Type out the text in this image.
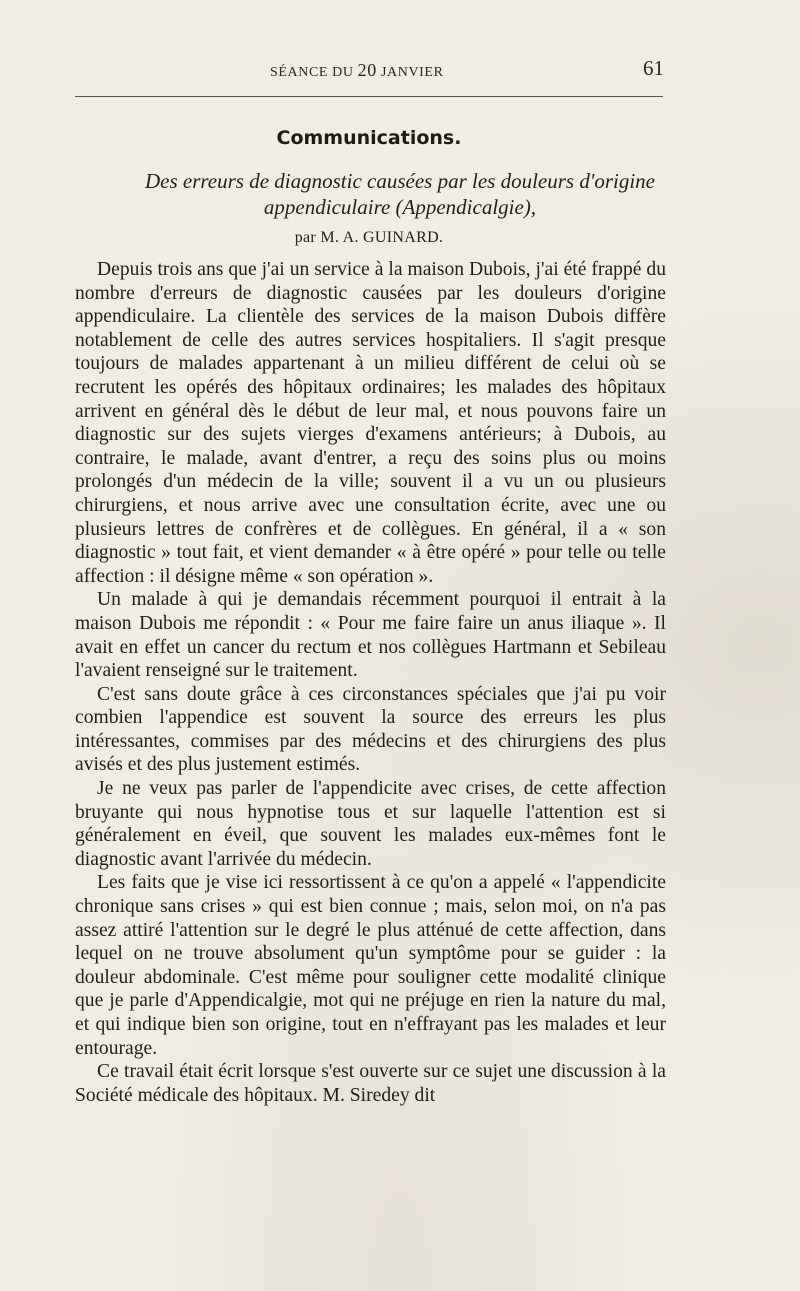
SÉANCE DU 20 JANVIER	61
Communications.
Des erreurs de diagnostic causées par les douleurs d'origine appendiculaire (Appendicalgie),
par M. A. GUINARD.

Depuis trois ans que j'ai un service à la maison Dubois, j'ai été frappé du nombre d'erreurs de diagnostic causées par les douleurs d'origine appendiculaire. La clientèle des services de la maison Dubois diffère notablement de celle des autres services hospitaliers. Il s'agit presque toujours de malades appartenant à un milieu différent de celui où se recrutent les opérés des hôpitaux ordinaires; les malades des hôpitaux arrivent en général dès le début de leur mal, et nous pouvons faire un diagnostic sur des sujets vierges d'examens antérieurs; à Dubois, au contraire, le malade, avant d'entrer, a reçu des soins plus ou moins prolongés d'un médecin de la ville; souvent il a vu un ou plusieurs chirurgiens, et nous arrive avec une consultation écrite, avec une ou plusieurs lettres de confrères et de collègues. En général, il a « son diagnostic » tout fait, et vient demander « à être opéré » pour telle ou telle affection : il désigne même « son opération ».

Un malade à qui je demandais récemment pourquoi il entrait à la maison Dubois me répondit : « Pour me faire faire un anus iliaque ». Il avait en effet un cancer du rectum et nos collègues Hartmann et Sebileau l'avaient renseigné sur le traitement.

C'est sans doute grâce à ces circonstances spéciales que j'ai pu voir combien l'appendice est souvent la source des erreurs les plus intéressantes, commises par des médecins et des chirurgiens des plus avisés et des plus justement estimés.

Je ne veux pas parler de l'appendicite avec crises, de cette affection bruyante qui nous hypnotise tous et sur laquelle l'attention est si généralement en éveil, que souvent les malades eux-mêmes font le diagnostic avant l'arrivée du médecin.

Les faits que je vise ici ressortissent à ce qu'on a appelé « l'appendicite chronique sans crises » qui est bien connue ; mais, selon moi, on n'a pas assez attiré l'attention sur le degré le plus atténué de cette affection, dans lequel on ne trouve absolument qu'un symptôme pour se guider : la douleur abdominale. C'est même pour souligner cette modalité clinique que je parle d'Appendicalgie, mot qui ne préjuge en rien la nature du mal, et qui indique bien son origine, tout en n'effrayant pas les malades et leur entourage.

Ce travail était écrit lorsque s'est ouverte sur ce sujet une discussion à la Société médicale des hôpitaux. M. Siredey dit
